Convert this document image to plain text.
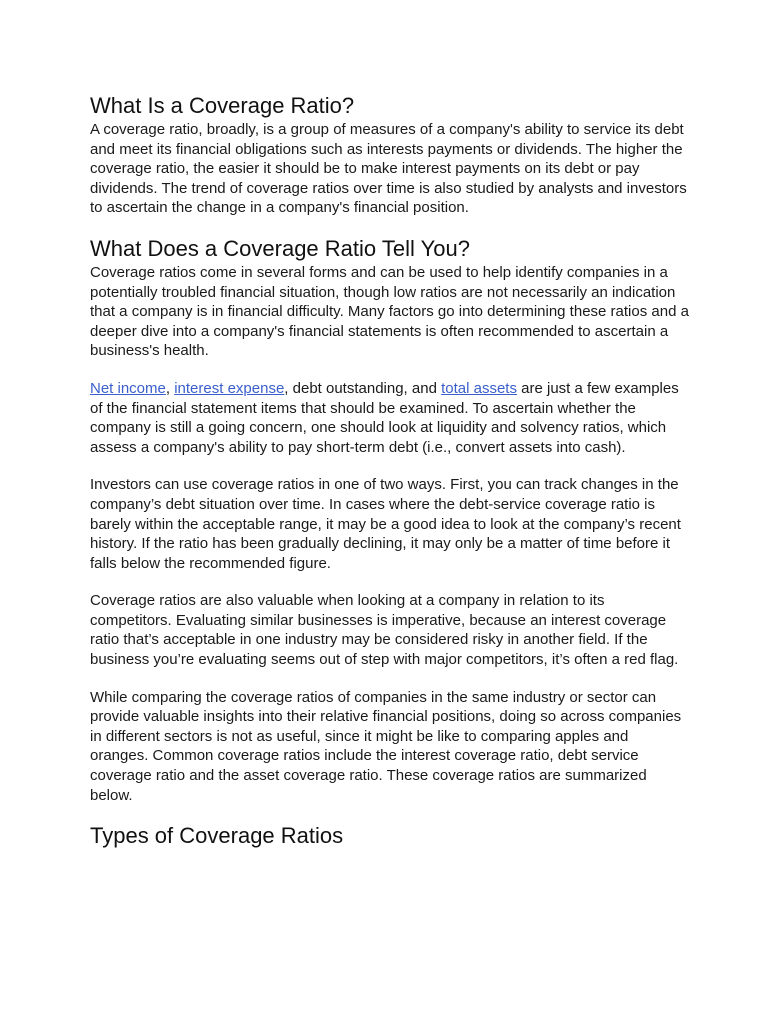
What Is a Coverage Ratio?

A coverage ratio, broadly, is a group of measures of a company's ability to service its debt and meet its financial obligations such as interests payments or dividends. The higher the coverage ratio, the easier it should be to make interest payments on its debt or pay dividends. The trend of coverage ratios over time is also studied by analysts and investors to ascertain the change in a company's financial position.

What Does a Coverage Ratio Tell You?

Coverage ratios come in several forms and can be used to help identify companies in a potentially troubled financial situation, though low ratios are not necessarily an indication that a company is in financial difficulty. Many factors go into determining these ratios and a deeper dive into a company's financial statements is often recommended to ascertain a business's health.

Net income, interest expense, debt outstanding, and total assets are just a few examples of the financial statement items that should be examined. To ascertain whether the company is still a going concern, one should look at liquidity and solvency ratios, which assess a company's ability to pay short-term debt (i.e., convert assets into cash).

Investors can use coverage ratios in one of two ways. First, you can track changes in the company’s debt situation over time. In cases where the debt-service coverage ratio is barely within the acceptable range, it may be a good idea to look at the company’s recent history. If the ratio has been gradually declining, it may only be a matter of time before it falls below the recommended figure.

Coverage ratios are also valuable when looking at a company in relation to its competitors. Evaluating similar businesses is imperative, because an interest coverage ratio that’s acceptable in one industry may be considered risky in another field. If the business you’re evaluating seems out of step with major competitors, it’s often a red flag.

While comparing the coverage ratios of companies in the same industry or sector can provide valuable insights into their relative financial positions, doing so across companies in different sectors is not as useful, since it might be like to comparing apples and oranges. Common coverage ratios include the interest coverage ratio, debt service coverage ratio and the asset coverage ratio. These coverage ratios are summarized below.

Types of Coverage Ratios
